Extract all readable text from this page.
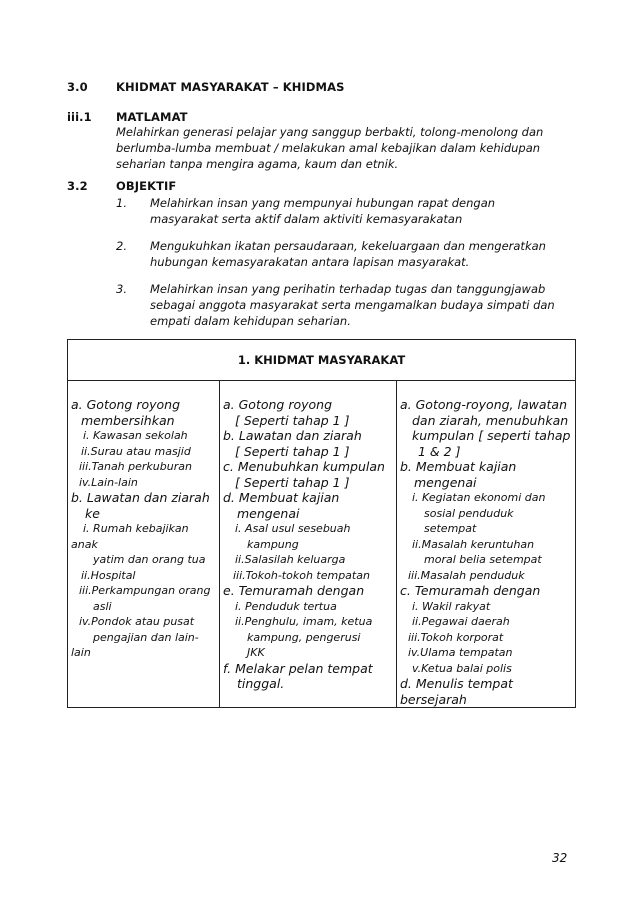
3.0 KHIDMAT MASYARAKAT – KHIDMAS
iii.1 MATLAMAT
Melahirkan generasi pelajar yang sanggup berbakti, tolong-menolong dan
berlumba-lumba membuat / melakukan amal kebajikan dalam kehidupan
seharian tanpa mengira agama, kaum dan etnik.
3.2 OBJEKTIF
1. Melahirkan insan yang mempunyai hubungan rapat dengan
masyarakat serta aktif dalam aktiviti kemasyarakatan
2. Mengukuhkan ikatan persaudaraan, kekeluargaan dan mengeratkan
hubungan kemasyarakatan antara lapisan masyarakat.
3. Melahirkan insan yang perihatin terhadap tugas dan tanggungjawab
sebagai anggota masyarakat serta mengamalkan budaya simpati dan
empati dalam kehidupan seharian.
1. KHIDMAT MASYARAKAT

a. Gotong royong
membersihkan
i. Kawasan sekolah
ii.Surau atau masjid
iii.Tanah perkuburan
iv.Lain-lain
b. Lawatan dan ziarah
ke
i. Rumah kebajikan
anak
yatim dan orang tua
ii.Hospital
iii.Perkampungan orang
asli
iv.Pondok atau pusat
pengajian dan lain-
lain

a. Gotong royong
[ Seperti tahap 1 ]
b. Lawatan dan ziarah
[ Seperti tahap 1 ]
c. Menubuhkan kumpulan
[ Seperti tahap 1 ]
d. Membuat kajian
mengenai
i. Asal usul sesebuah
kampung
ii.Salasilah keluarga
iii.Tokoh-tokoh tempatan
e. Temuramah dengan
i. Penduduk tertua
ii.Penghulu, imam, ketua
kampung, pengerusi
JKK
f. Melakar pelan tempat
tinggal.

a. Gotong-royong, lawatan
dan ziarah, menubuhkan
kumpulan [ seperti tahap
1 & 2 ]
b. Membuat kajian
mengenai
i. Kegiatan ekonomi dan
sosial penduduk
setempat
ii.Masalah keruntuhan
moral belia setempat
iii.Masalah penduduk
c. Temuramah dengan
i. Wakil rakyat
ii.Pegawai daerah
iii.Tokoh korporat
iv.Ulama tempatan
v.Ketua balai polis
d. Menulis tempat bersejarah
32
